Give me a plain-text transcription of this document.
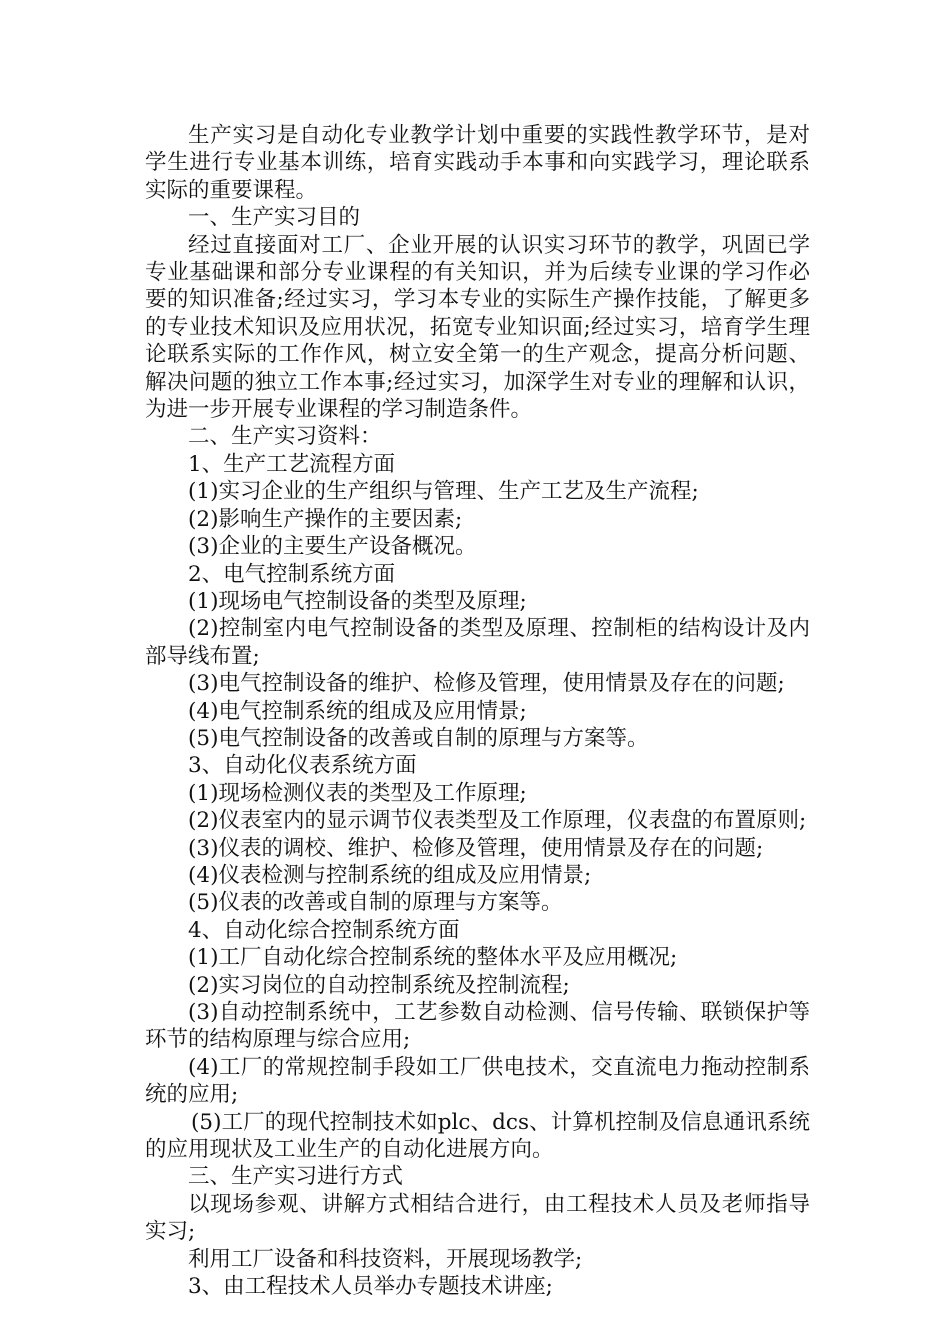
生产实习是自动化专业教学计划中重要的实践性教学环节，是对学生进行专业基本训练，培育实践动手本事和向实践学习，理论联系实际的重要课程。

一、生产实习目的

经过直接面对工厂、企业开展的认识实习环节的教学，巩固已学专业基础课和部分专业课程的有关知识，并为后续专业课的学习作必要的知识准备;经过实习，学习本专业的实际生产操作技能，了解更多的专业技术知识及应用状况，拓宽专业知识面;经过实习，培育学生理论联系实际的工作作风，树立安全第一的生产观念，提高分析问题、解决问题的独立工作本事;经过实习，加深学生对专业的理解和认识，为进一步开展专业课程的学习制造条件。

二、生产实习资料：

1、生产工艺流程方面

(1)实习企业的生产组织与管理、生产工艺及生产流程;

(2)影响生产操作的主要因素;

(3)企业的主要生产设备概况。

2、电气控制系统方面

(1)现场电气控制设备的类型及原理;

(2)控制室内电气控制设备的类型及原理、控制柜的结构设计及内部导线布置;

(3)电气控制设备的维护、检修及管理，使用情景及存在的问题;

(4)电气控制系统的组成及应用情景;

(5)电气控制设备的改善或自制的原理与方案等。

3、自动化仪表系统方面

(1)现场检测仪表的类型及工作原理;

(2)仪表室内的显示调节仪表类型及工作原理，仪表盘的布置原则;

(3)仪表的调校、维护、检修及管理，使用情景及存在的问题;

(4)仪表检测与控制系统的组成及应用情景;

(5)仪表的改善或自制的原理与方案等。

4、自动化综合控制系统方面

(1)工厂自动化综合控制系统的整体水平及应用概况;

(2)实习岗位的自动控制系统及控制流程;

(3)自动控制系统中，工艺参数自动检测、信号传输、联锁保护等环节的结构原理与综合应用;

(4)工厂的常规控制手段如工厂供电技术，交直流电力拖动控制系统的应用;

(5)工厂的现代控制技术如plc、dcs、计算机控制及信息通讯系统的应用现状及工业生产的自动化进展方向。

三、生产实习进行方式

以现场参观、讲解方式相结合进行，由工程技术人员及老师指导实习;

利用工厂设备和科技资料，开展现场教学;

3、由工程技术人员举办专题技术讲座;
